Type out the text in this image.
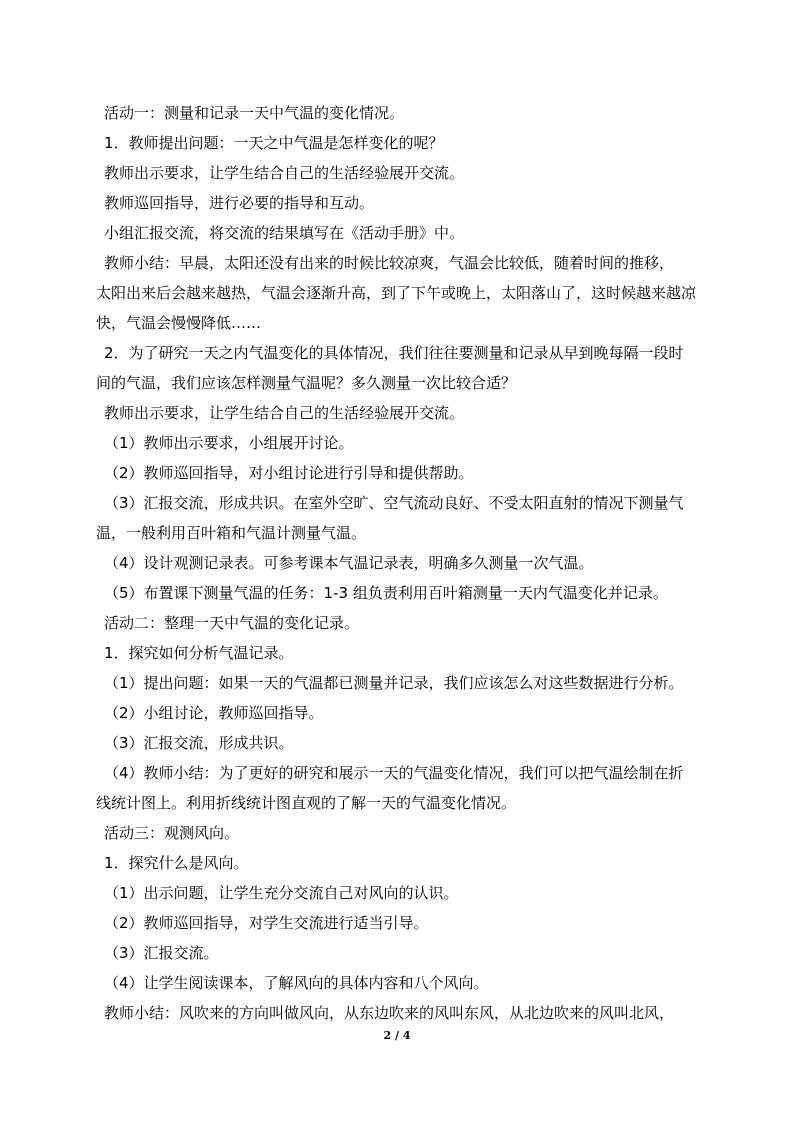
活动一：测量和记录一天中气温的变化情况。

1．教师提出问题：一天之中气温是怎样变化的呢？

教师出示要求，让学生结合自己的生活经验展开交流。

教师巡回指导，进行必要的指导和互动。

小组汇报交流，将交流的结果填写在《活动手册》中。

教师小结：早晨，太阳还没有出来的时候比较凉爽，气温会比较低，随着时间的推移，

太阳出来后会越来越热，气温会逐渐升高，到了下午或晚上，太阳落山了，这时候越来越凉

快，气温会慢慢降低……

2．为了研究一天之内气温变化的具体情况，我们往往要测量和记录从早到晚每隔一段时

间的气温，我们应该怎样测量气温呢？多久测量一次比较合适？

教师出示要求，让学生结合自己的生活经验展开交流。

（1）教师出示要求，小组展开讨论。

（2）教师巡回指导，对小组讨论进行引导和提供帮助。

（3）汇报交流，形成共识。在室外空旷、空气流动良好、不受太阳直射的情况下测量气

温，一般利用百叶箱和气温计测量气温。

（4）设计观测记录表。可参考课本气温记录表，明确多久测量一次气温。

（5）布置课下测量气温的任务：1-3 组负责利用百叶箱测量一天内气温变化并记录。

活动二：整理一天中气温的变化记录。

1．探究如何分析气温记录。

（1）提出问题：如果一天的气温都已测量并记录，我们应该怎么对这些数据进行分析。

（2）小组讨论，教师巡回指导。

（3）汇报交流，形成共识。

（4）教师小结：为了更好的研究和展示一天的气温变化情况，我们可以把气温绘制在折

线统计图上。利用折线统计图直观的了解一天的气温变化情况。

活动三：观测风向。

1．探究什么是风向。

（1）出示问题，让学生充分交流自己对风向的认识。

（2）教师巡回指导，对学生交流进行适当引导。

（3）汇报交流。

（4）让学生阅读课本，了解风向的具体内容和八个风向。

教师小结：风吹来的方向叫做风向，从东边吹来的风叫东风，从北边吹来的风叫北风，

2 / 4
